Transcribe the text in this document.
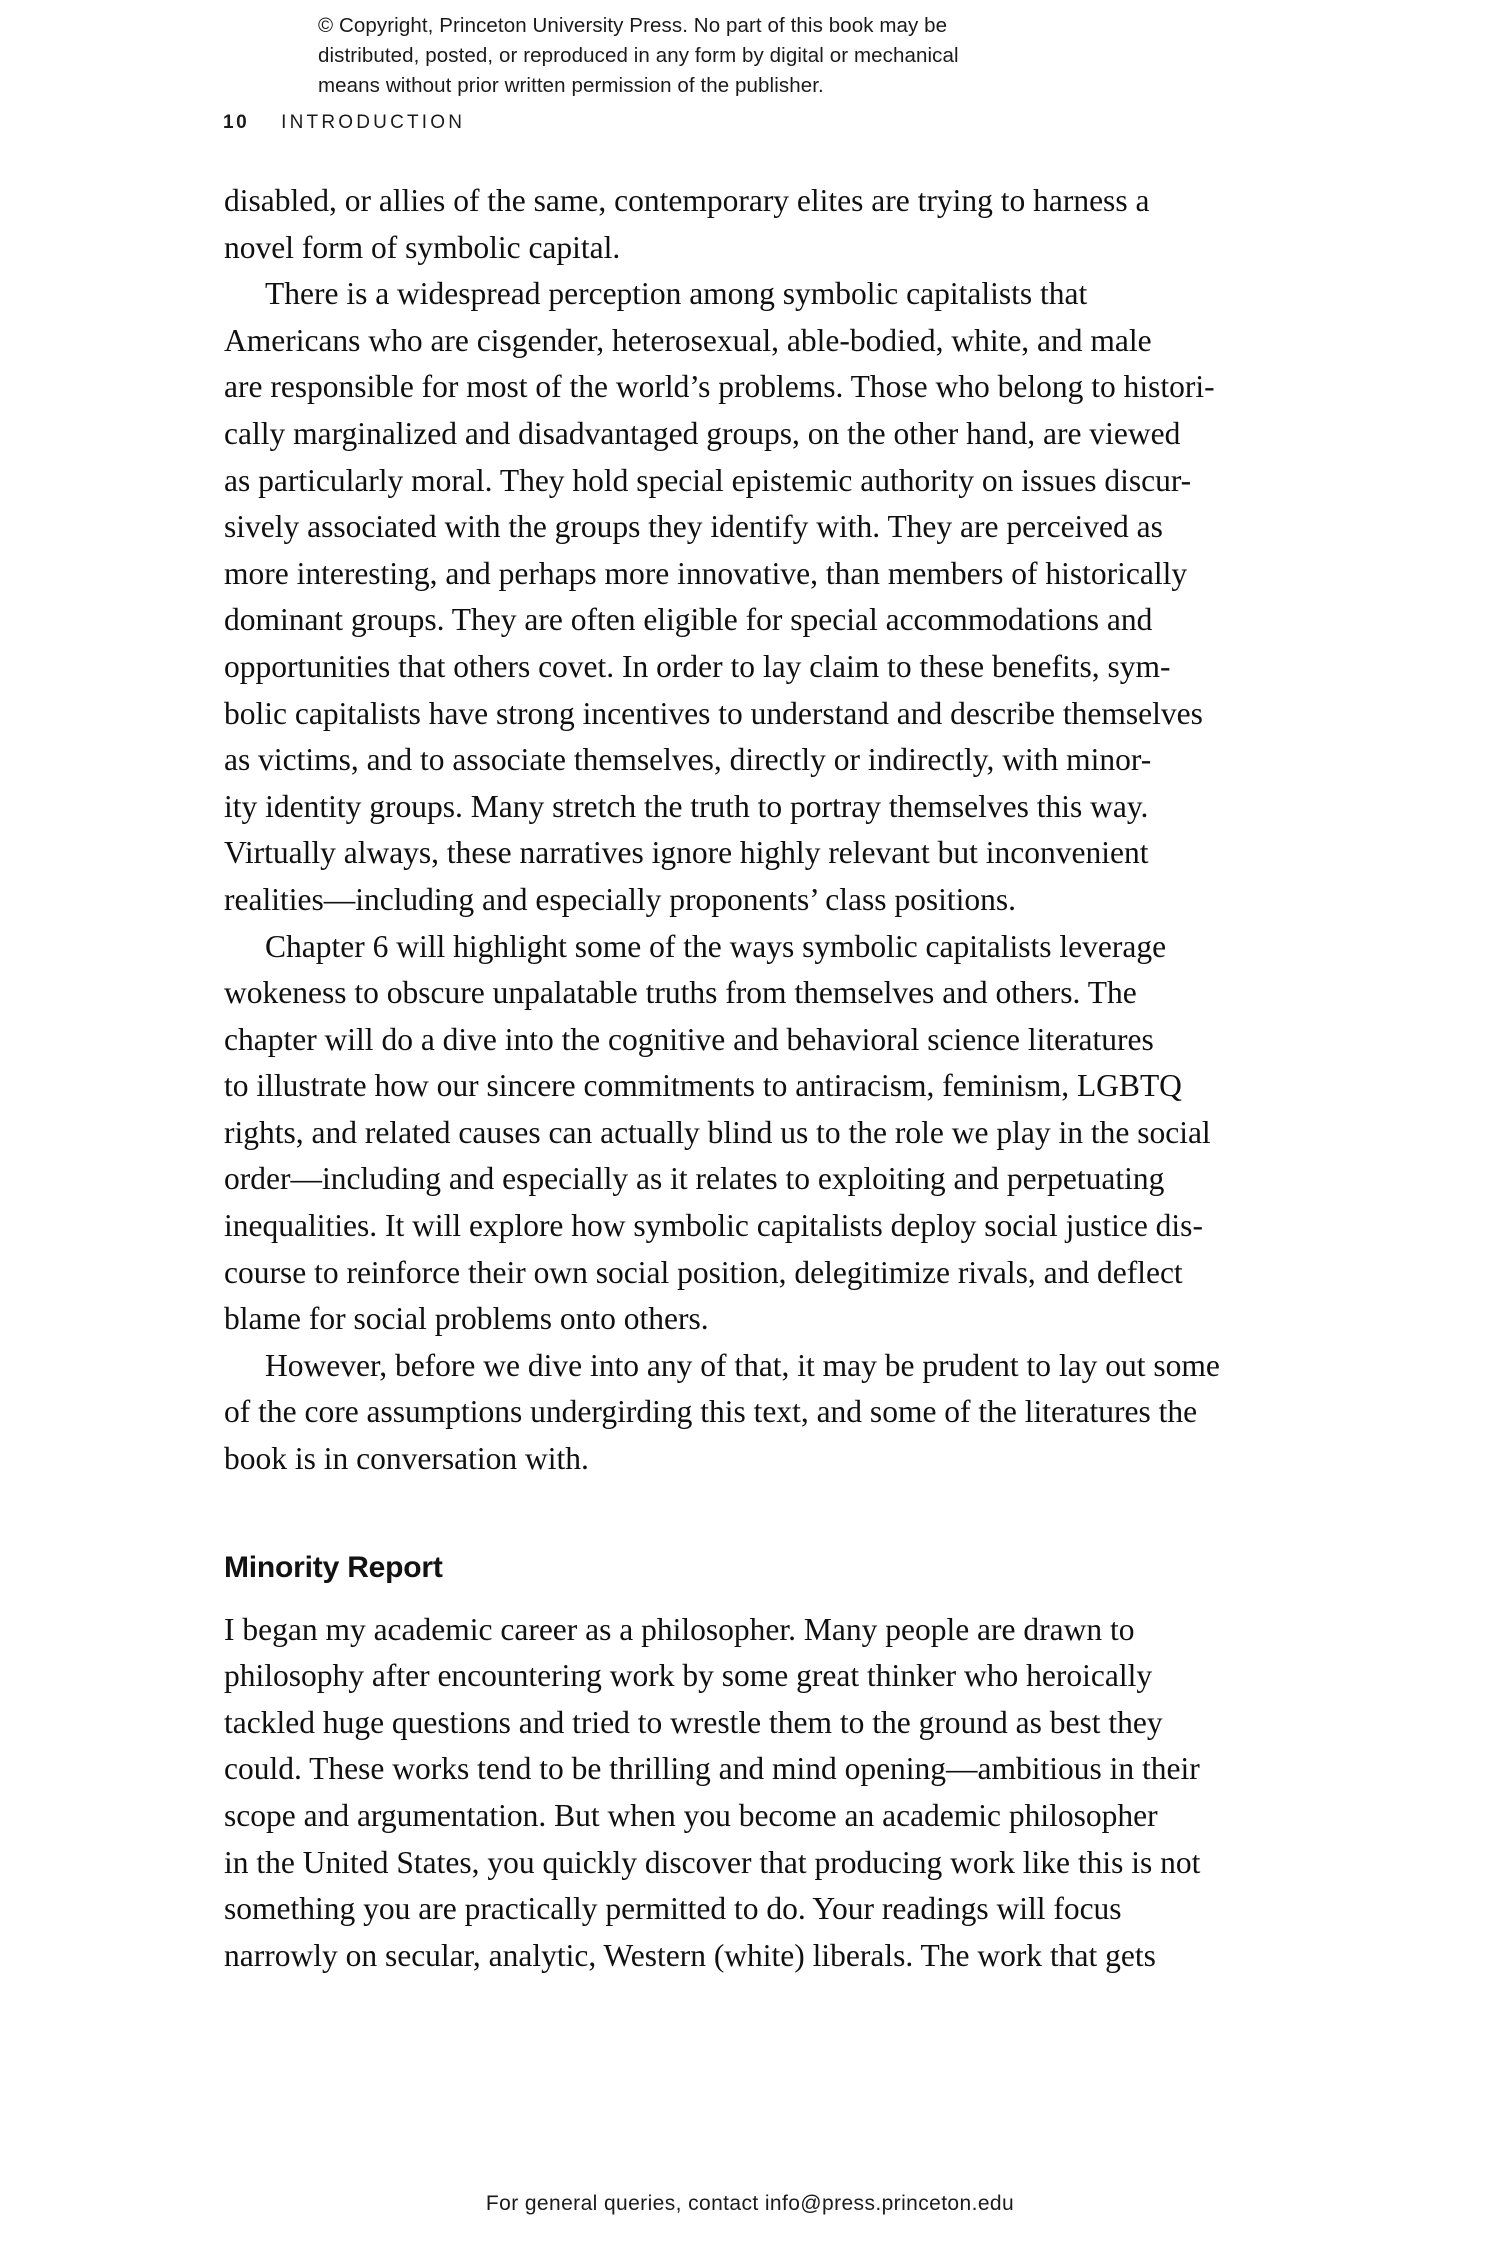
© Copyright, Princeton University Press. No part of this book may be
distributed, posted, or reproduced in any form by digital or mechanical
means without prior written permission of the publisher.
10 INTRODUCTION

disabled, or allies of the same, contemporary elites are trying to harness a
novel form of symbolic capital.

There is a widespread perception among symbolic capitalists that
Americans who are cisgender, heterosexual, able-bodied, white, and male
are responsible for most of the world’s problems. Those who belong to histori-
cally marginalized and disadvantaged groups, on the other hand, are viewed
as particularly moral. They hold special epistemic authority on issues discur-
sively associated with the groups they identify with. They are perceived as
more interesting, and perhaps more innovative, than members of historically
dominant groups. They are often eligible for special accommodations and
opportunities that others covet. In order to lay claim to these benefits, sym-
bolic capitalists have strong incentives to understand and describe themselves
as victims, and to associate themselves, directly or indirectly, with minor-
ity identity groups. Many stretch the truth to portray themselves this way.
Virtually always, these narratives ignore highly relevant but inconvenient
realities—including and especially proponents’ class positions.

Chapter 6 will highlight some of the ways symbolic capitalists leverage
wokeness to obscure unpalatable truths from themselves and others. The
chapter will do a dive into the cognitive and behavioral science literatures
to illustrate how our sincere commitments to antiracism, feminism, LGBTQ
rights, and related causes can actually blind us to the role we play in the social
order—including and especially as it relates to exploiting and perpetuating
inequalities. It will explore how symbolic capitalists deploy social justice dis-
course to reinforce their own social position, delegitimize rivals, and deflect
blame for social problems onto others.

However, before we dive into any of that, it may be prudent to lay out some
of the core assumptions undergirding this text, and some of the literatures the
book is in conversation with.

Minority Report

I began my academic career as a philosopher. Many people are drawn to
philosophy after encountering work by some great thinker who heroically
tackled huge questions and tried to wrestle them to the ground as best they
could. These works tend to be thrilling and mind opening—ambitious in their
scope and argumentation. But when you become an academic philosopher
in the United States, you quickly discover that producing work like this is not
something you are practically permitted to do. Your readings will focus
narrowly on secular, analytic, Western (white) liberals. The work that gets

For general queries, contact info@press.princeton.edu
